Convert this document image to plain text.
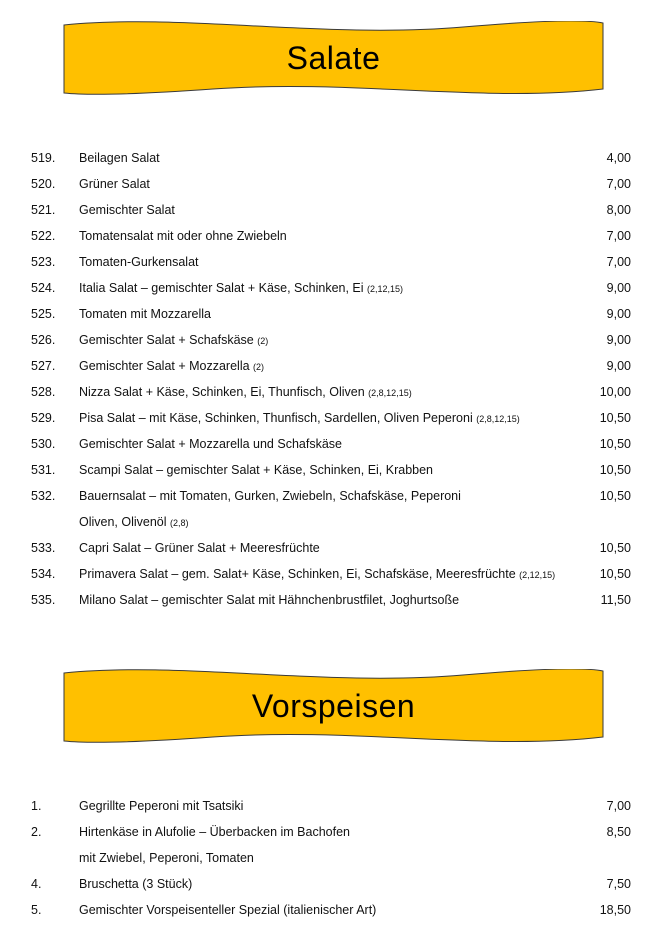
Salate
519. Beilagen Salat	4,00
520. Grüner Salat	7,00
521. Gemischter Salat	8,00
522. Tomatensalat mit oder ohne Zwiebeln	7,00
523. Tomaten-Gurkensalat	7,00
524. Italia Salat – gemischter Salat + Käse, Schinken, Ei (2,12,15)	9,00
525. Tomaten mit Mozzarella	9,00
526. Gemischter Salat + Schafskäse (2)	9,00
527. Gemischter Salat + Mozzarella (2)	9,00
528. Nizza Salat + Käse, Schinken, Ei, Thunfisch, Oliven (2,8,12,15)	10,00
529. Pisa Salat – mit Käse, Schinken, Thunfisch, Sardellen, Oliven Peperoni (2,8,12,15)	10,50
530. Gemischter Salat + Mozzarella und Schafskäse	10,50
531. Scampi Salat – gemischter Salat + Käse, Schinken, Ei, Krabben	10,50
532. Bauernsalat – mit Tomaten, Gurken, Zwiebeln, Schafskäse, Peperoni	10,50
Oliven, Olivenöl (2,8)
533. Capri Salat – Grüner Salat + Meeresfrüchte	10,50
534. Primavera Salat – gem. Salat+ Käse, Schinken, Ei, Schafskäse, Meeresfrüchte (2,12,15)	10,50
535. Milano Salat – gemischter Salat mit Hähnchenbrustfilet, Joghurtsoße	11,50
Vorspeisen
1.	Gegrillte Peperoni mit Tsatsiki	7,00
2.	Hirtenkäse in Alufolie – Überbacken im Bachofen	8,50
mit Zwiebel, Peperoni, Tomaten
4.	Bruschetta (3 Stück)	7,50
5.	Gemischter Vorspeisenteller Spezial (italienischer Art)	18,50
